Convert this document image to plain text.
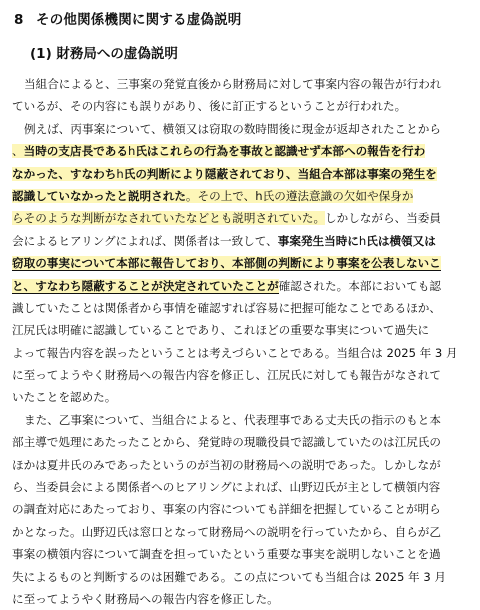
8 その他関係機関に関する虚偽説明
(1) 財務局への虚偽説明
当組合によると、三事案の発覚直後から財務局に対して事案内容の報告が行われ
ているが、その内容にも誤りがあり、後に訂正するということが行われた。
例えば、丙事案について、横領又は窃取の数時間後に現金が返却されたことから
、当時の支店長であるh氏はこれらの行為を事故と認識せず本部への報告を行わ
なかった、すなわちh氏の判断により隠蔽されており、当組合本部は事案の発生を
認識していなかったと説明された。その上で、h氏の遵法意識の欠如や保身か
らそのような判断がなされていたなどとも説明されていた。しかしながら、当委員
会によるヒアリングによれば、関係者は一致して、事案発生当時にh氏は横領又は
窃取の事実について本部に報告しており、本部側の判断により事案を公表しないこ
と、すなわち隠蔽することが決定されていたことが確認された。本部においても認
識していたことは関係者から事情を確認すれば容易に把握可能なことであるほか、
江尻氏は明確に認識していることであり、これほどの重要な事実について過失に
よって報告内容を誤ったということは考えづらいことである。当組合は 2025 年 3 月
に至ってようやく財務局への報告内容を修正し、江尻氏に対しても報告がなされて
いたことを認めた。
また、乙事案について、当組合によると、代表理事である丈夫氏の指示のもと本
部主導で処理にあたったことから、発覚時の現職役員で認識していたのは江尻氏の
ほかは夏井氏のみであったというのが当初の財務局への説明であった。しかしなが
ら、当委員会による関係者へのヒアリングによれば、山野辺氏が主として横領内容
の調査対応にあたっており、事案の内容についても詳細を把握していることが明ら
かとなった。山野辺氏は窓口となって財務局への説明を行っていたから、自らが乙
事案の横領内容について調査を担っていたという重要な事実を説明しないことを過
失によるものと判断するのは困難である。この点についても当組合は 2025 年 3 月
に至ってようやく財務局への報告内容を修正した。
